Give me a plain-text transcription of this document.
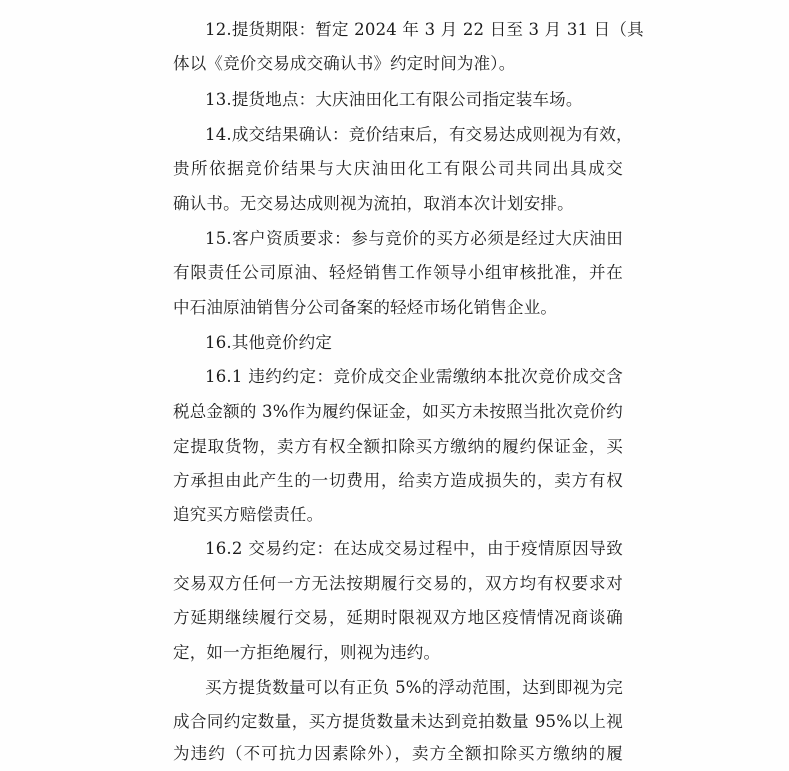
12.提货期限：暂定 2024 年 3 月 22 日至 3 月 31 日（具
体以《竞价交易成交确认书》约定时间为准）。
13.提货地点：大庆油田化工有限公司指定装车场。
14.成交结果确认：竞价结束后，有交易达成则视为有效，
贵所依据竞价结果与大庆油田化工有限公司共同出具成交
确认书。无交易达成则视为流拍，取消本次计划安排。
15.客户资质要求：参与竞价的买方必须是经过大庆油田
有限责任公司原油、轻烃销售工作领导小组审核批准，并在
中石油原油销售分公司备案的轻烃市场化销售企业。
16.其他竞价约定
16.1 违约约定：竞价成交企业需缴纳本批次竞价成交含
税总金额的 3%作为履约保证金，如买方未按照当批次竞价约
定提取货物，卖方有权全额扣除买方缴纳的履约保证金，买
方承担由此产生的一切费用，给卖方造成损失的，卖方有权
追究买方赔偿责任。
16.2 交易约定：在达成交易过程中，由于疫情原因导致
交易双方任何一方无法按期履行交易的，双方均有权要求对
方延期继续履行交易，延期时限视双方地区疫情情况商谈确
定，如一方拒绝履行，则视为违约。
买方提货数量可以有正负 5%的浮动范围，达到即视为完
成合同约定数量，买方提货数量未达到竞拍数量 95%以上视
为违约（不可抗力因素除外），卖方全额扣除买方缴纳的履
